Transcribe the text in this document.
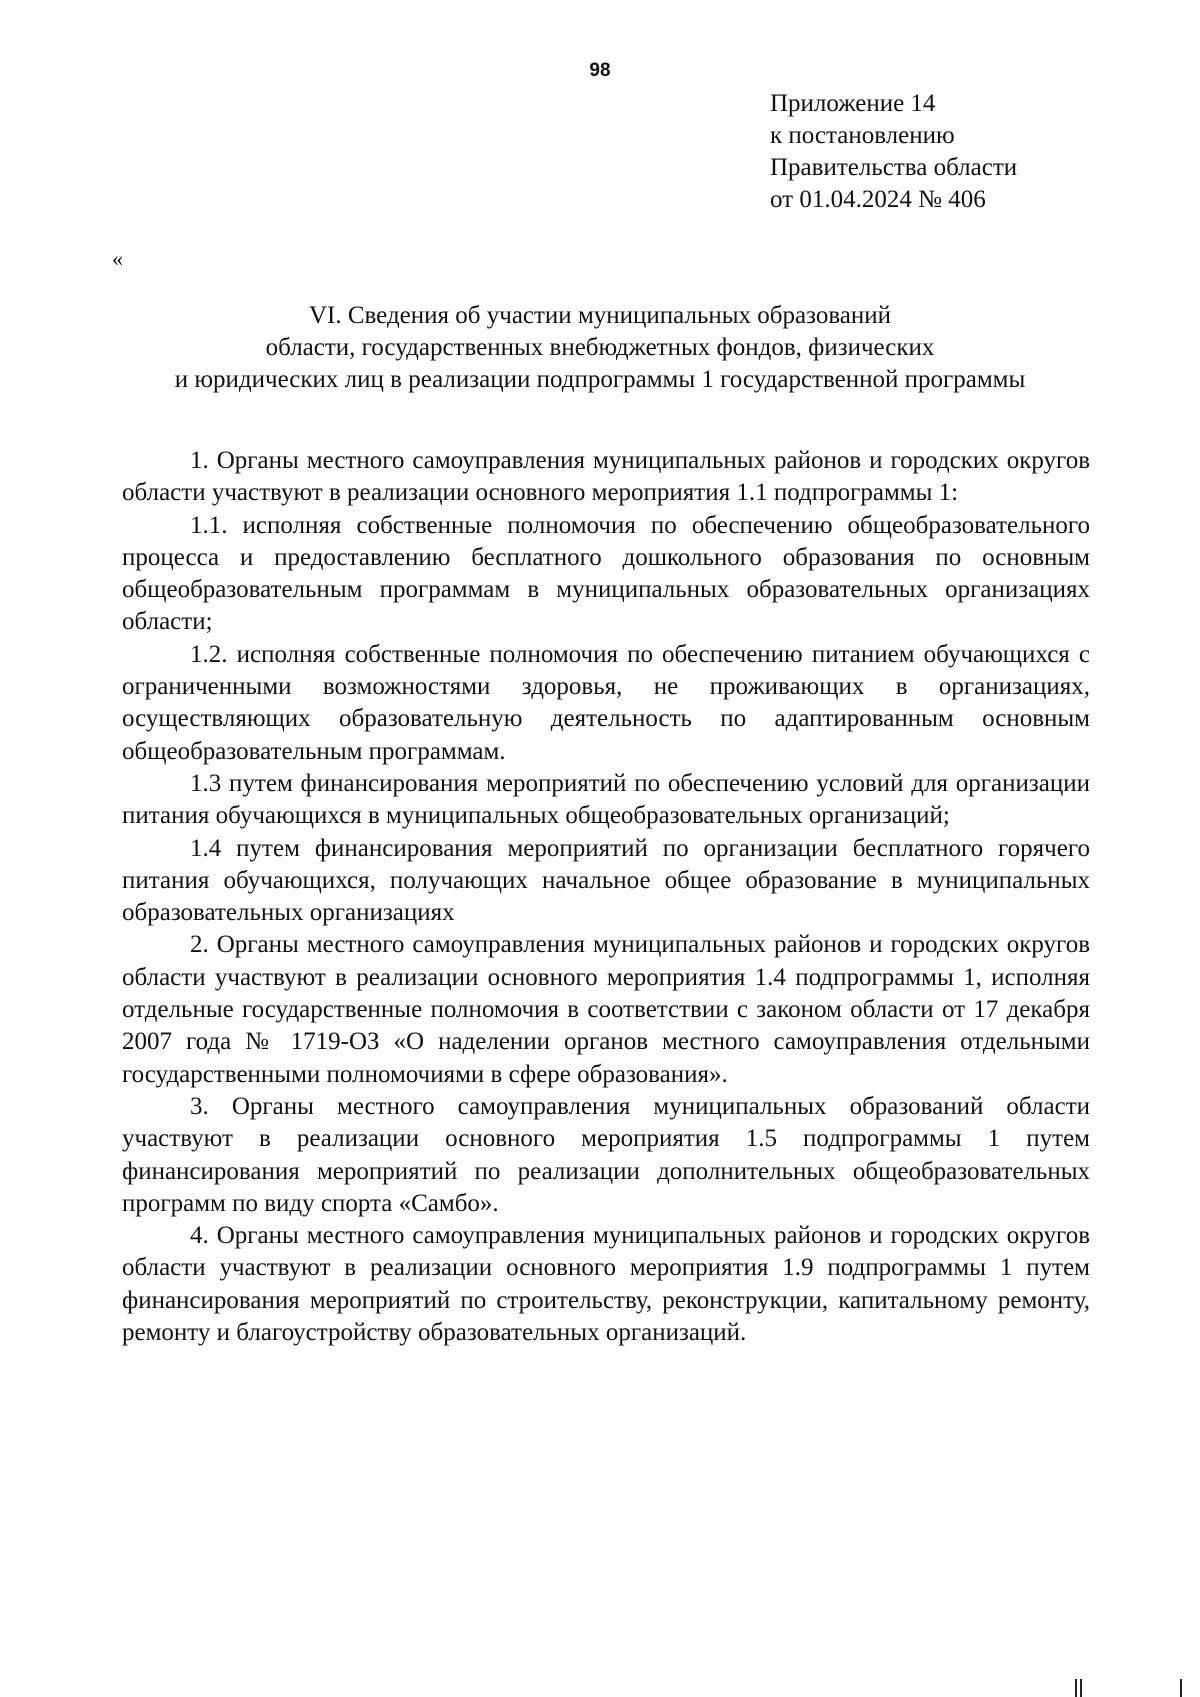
98
Приложение 14
к постановлению
Правительства области
от 01.04.2024 № 406
«
VI. Сведения об участии муниципальных образований
области, государственных внебюджетных фондов, физических
и юридических лиц в реализации подпрограммы 1 государственной программы

1. Органы местного самоуправления муниципальных районов и городских округов области участвуют в реализации основного мероприятия 1.1 подпрограммы 1:

1.1. исполняя собственные полномочия по обеспечению общеобразовательного процесса и предоставлению бесплатного дошкольного образования по основным общеобразовательным программам в муниципальных образовательных организациях области;

1.2. исполняя собственные полномочия по обеспечению питанием обучающихся с ограниченными возможностями здоровья, не проживающих в организациях, осуществляющих образовательную деятельность по адаптированным основным общеобразовательным программам.

1.3 путем финансирования мероприятий по обеспечению условий для организации питания обучающихся в муниципальных общеобразовательных организаций;

1.4 путем финансирования мероприятий по организации бесплатного горячего питания обучающихся, получающих начальное общее образование в муниципальных образовательных организациях

2. Органы местного самоуправления муниципальных районов и городских округов области участвуют в реализации основного мероприятия 1.4 подпрограммы 1, исполняя отдельные государственные полномочия в соответствии с законом области от 17 декабря 2007 года № 1719-ОЗ «О наделении органов местного самоуправления отдельными государственными полномочиями в сфере образования».

3. Органы местного самоуправления муниципальных образований области участвуют в реализации основного мероприятия 1.5 подпрограммы 1 путем финансирования мероприятий по реализации дополнительных общеобразовательных программ по виду спорта «Самбо».

4. Органы местного самоуправления муниципальных районов и городских округов области участвуют в реализации основного мероприятия 1.9 подпрограммы 1 путем финансирования мероприятий по строительству, реконструкции, капитальному ремонту, ремонту и благоустройству образовательных организаций.
